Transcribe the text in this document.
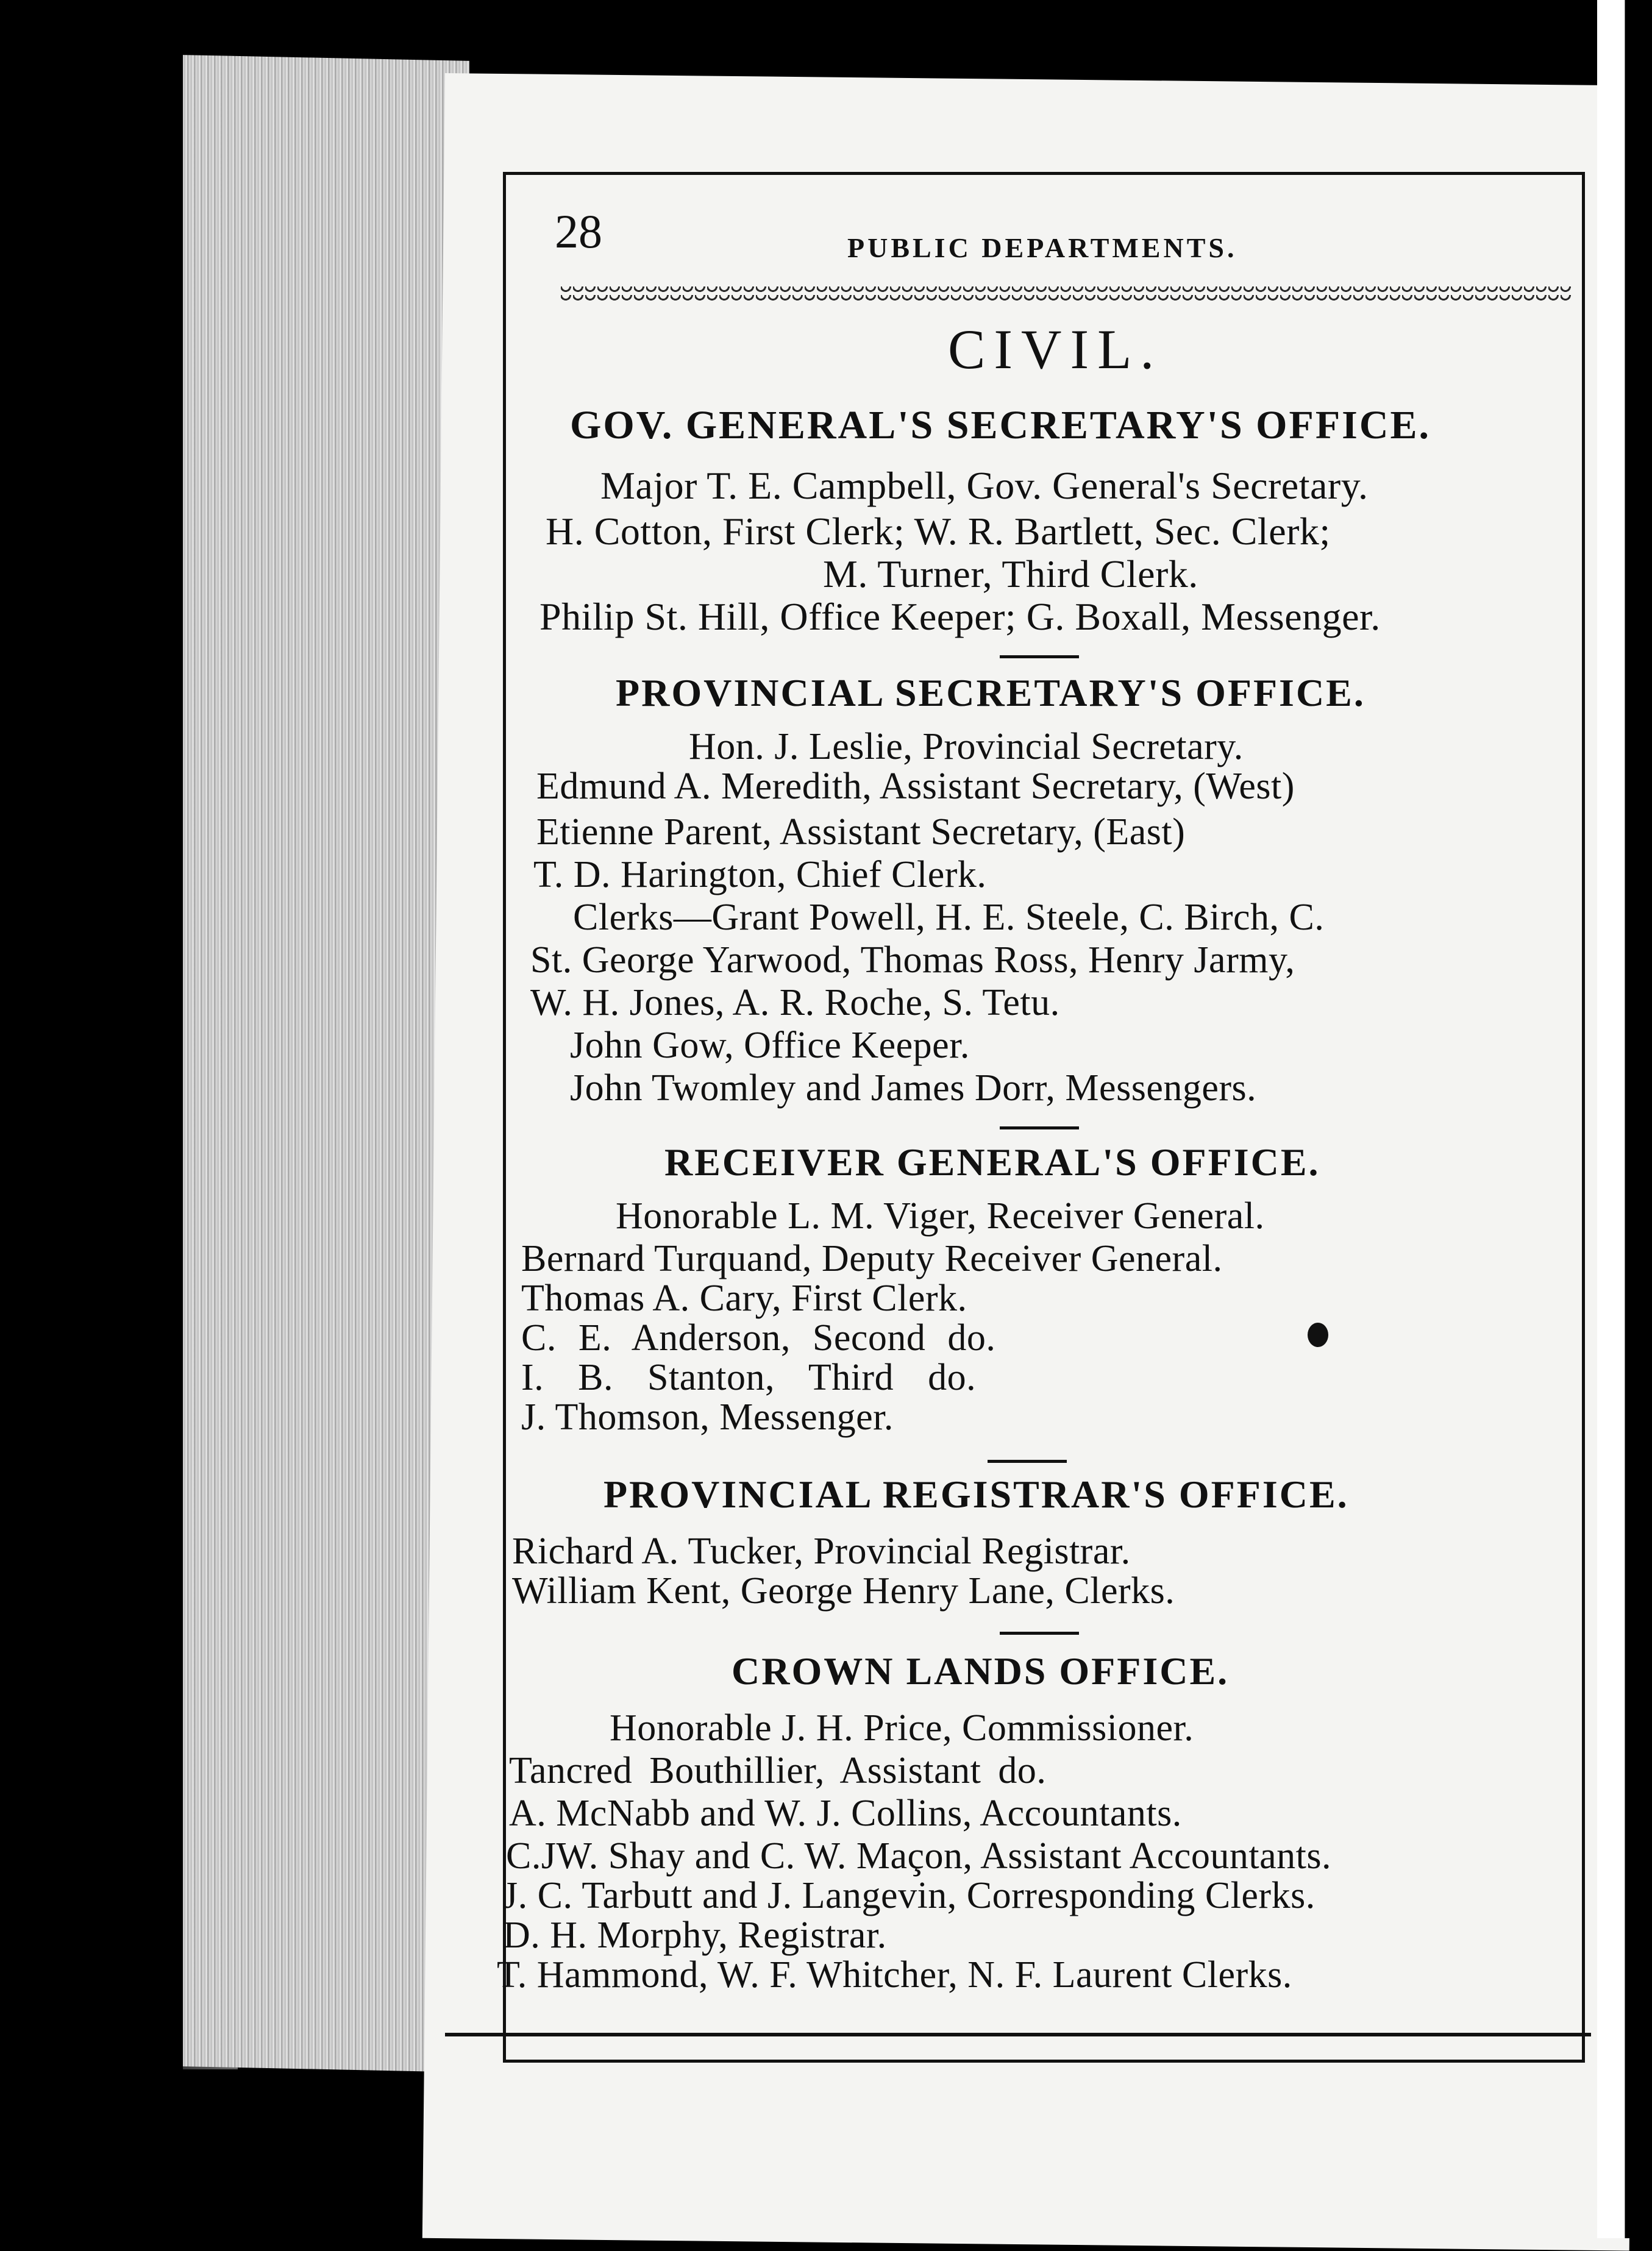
28	PUBLIC DEPARTMENTS.
CIVIL.
GOV. GENERAL'S SECRETARY'S OFFICE.
Major T. E. Campbell, Gov. General's Secretary.
H. Cotton, First Clerk; W. R. Bartlett, Sec. Clerk;
M. Turner, Third Clerk.
Philip St. Hill, Office Keeper; G. Boxall, Messenger.
PROVINCIAL SECRETARY'S OFFICE.
Hon. J. Leslie, Provincial Secretary.
Edmund A. Meredith, Assistant Secretary, (West)
Etienne Parent, Assistant Secretary, (East)
T. D. Harington, Chief Clerk.
Clerks—Grant Powell, H. E. Steele, C. Birch, C.
St. George Yarwood, Thomas Ross, Henry Jarmy,
W. H. Jones, A. R. Roche, S. Tetu.
John Gow, Office Keeper.
John Twomley and James Dorr, Messengers.
RECEIVER GENERAL'S OFFICE.
Honorable L. M. Viger, Receiver General.
Bernard Turquand, Deputy Receiver General.
Thomas A. Cary, First Clerk.
C. E. Anderson, Second do.
I. B. Stanton, Third do.
J. Thomson, Messenger.
PROVINCIAL REGISTRAR'S OFFICE.
Richard A. Tucker, Provincial Registrar.
William Kent, George Henry Lane, Clerks.
CROWN LANDS OFFICE.
Honorable J. H. Price, Commissioner.
Tancred Bouthillier, Assistant do.
A. McNabb and W. J. Collins, Accountants.
C.JW. Shay and C. W. Maçon, Assistant Accountants.
J. C. Tarbutt and J. Langevin, Corresponding Clerks.
D. H. Morphy, Registrar.
T. Hammond, W. F. Whitcher, N. F. Laurent Clerks.
